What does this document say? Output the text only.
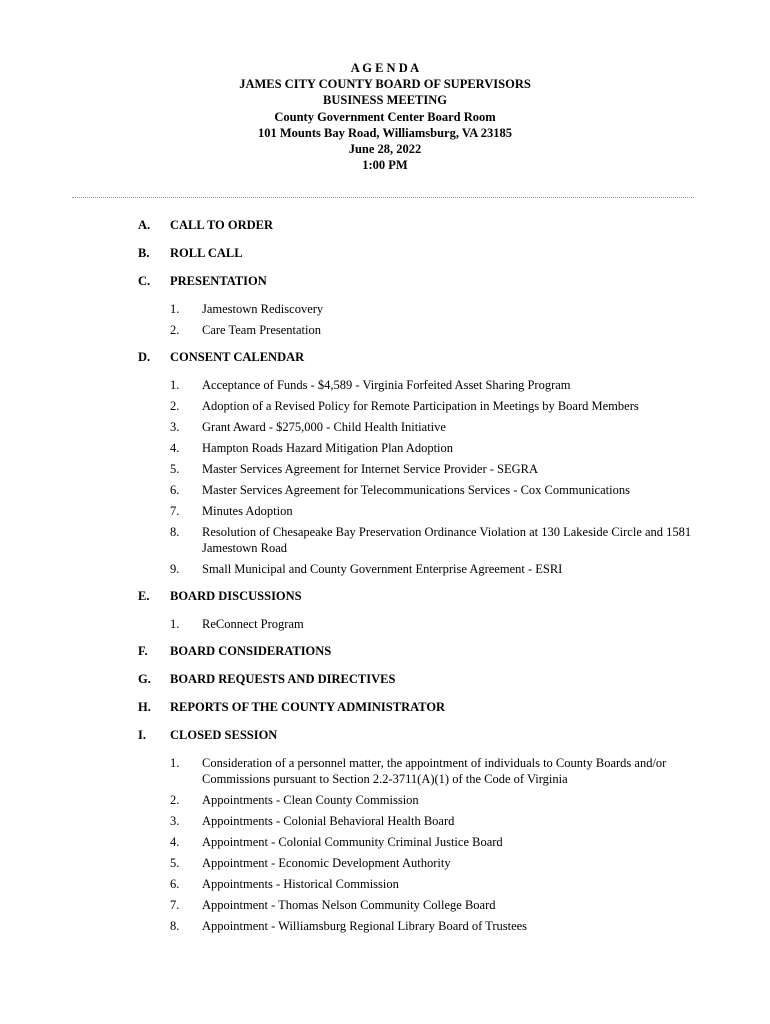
A G E N D A
JAMES CITY COUNTY BOARD OF SUPERVISORS
BUSINESS MEETING
County Government Center Board Room
101 Mounts Bay Road, Williamsburg, VA 23185
June 28, 2022
1:00 PM
A. CALL TO ORDER
B. ROLL CALL
C. PRESENTATION
1. Jamestown Rediscovery
2. Care Team Presentation
D. CONSENT CALENDAR
1. Acceptance of Funds - $4,589 - Virginia Forfeited Asset Sharing Program
2. Adoption of a Revised Policy for Remote Participation in Meetings by Board Members
3. Grant Award - $275,000 - Child Health Initiative
4. Hampton Roads Hazard Mitigation Plan Adoption
5. Master Services Agreement for Internet Service Provider - SEGRA
6. Master Services Agreement for Telecommunications Services - Cox Communications
7. Minutes Adoption
8. Resolution of Chesapeake Bay Preservation Ordinance Violation at 130 Lakeside Circle and 1581 Jamestown Road
9. Small Municipal and County Government Enterprise Agreement - ESRI
E. BOARD DISCUSSIONS
1. ReConnect Program
F. BOARD CONSIDERATIONS
G. BOARD REQUESTS AND DIRECTIVES
H. REPORTS OF THE COUNTY ADMINISTRATOR
I. CLOSED SESSION
1. Consideration of a personnel matter, the appointment of individuals to County Boards and/or Commissions pursuant to Section 2.2-3711(A)(1) of the Code of Virginia
2. Appointments - Clean County Commission
3. Appointments - Colonial Behavioral Health Board
4. Appointment - Colonial Community Criminal Justice Board
5. Appointment - Economic Development Authority
6. Appointments - Historical Commission
7. Appointment - Thomas Nelson Community College Board
8. Appointment - Williamsburg Regional Library Board of Trustees
